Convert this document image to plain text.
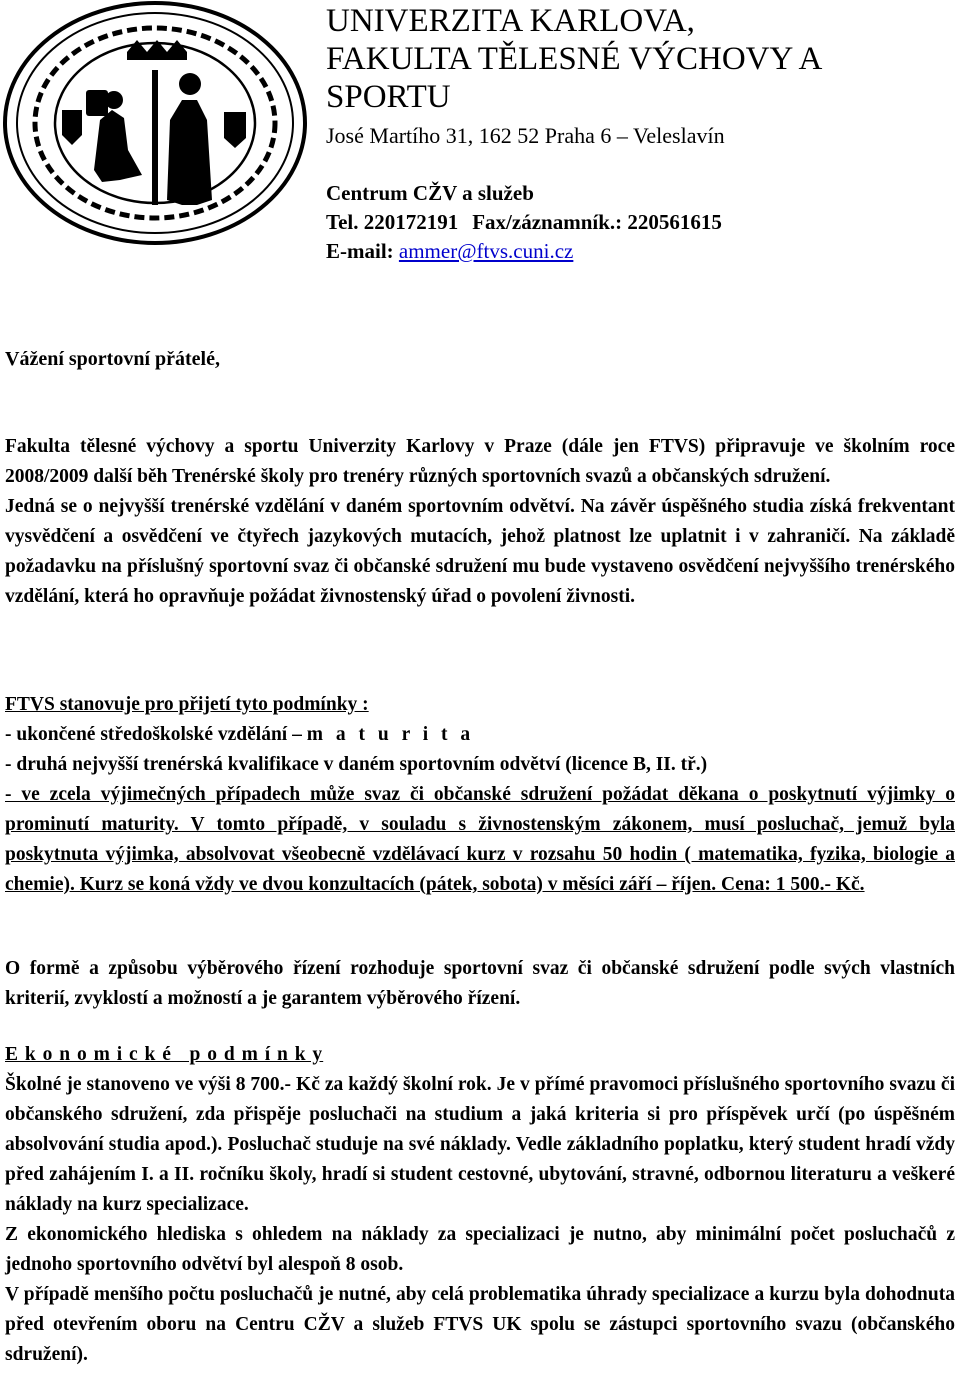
UNIVERZITA KARLOVA,
FAKULTA TĚLESNÉ VÝCHOVY A
SPORTU
José Martího 31, 162 52 Praha 6 – Veleslavín
Centrum CŽV a služeb
Tel. 220172191 Fax/záznamník.: 220561615
E-mail: ammer@ftvs.cuni.cz
Vážení sportovní přátelé,

Fakulta tělesné výchovy a sportu Univerzity Karlovy v Praze (dále jen FTVS) připravuje ve školním roce 2008/2009 další běh Trenérské školy pro trenéry různých sportovních svazů a občanských sdružení.

Jedná se o nejvyšší trenérské vzdělání v daném sportovním odvětví. Na závěr úspěšného studia získá frekventant vysvědčení a osvědčení ve čtyřech jazykových mutacích, jehož platnost lze uplatnit i v zahraničí. Na základě požadavku na příslušný sportovní svaz či občanské sdružení mu bude vystaveno osvědčení nejvyššího trenérského vzdělání, která ho opravňuje požádat živnostenský úřad o povolení živnosti.

FTVS stanovuje pro přijetí tyto podmínky :

- ukončené středoškolské vzdělání – m a t u r i t a

- druhá nejvyšší trenérská kvalifikace v daném sportovním odvětví (licence B, II. tř.)

- ve zcela výjimečných případech může svaz či občanské sdružení požádat děkana o poskytnutí výjimky o prominutí maturity. V tomto případě, v souladu s živnostenským zákonem, musí posluchač, jemuž byla poskytnuta výjimka, absolvovat všeobecně vzdělávací kurz v rozsahu 50 hodin ( matematika, fyzika, biologie a chemie). Kurz se koná vždy ve dvou konzultacích (pátek, sobota) v měsíci září – říjen. Cena: 1 500.- Kč.

O formě a způsobu výběrového řízení rozhoduje sportovní svaz či občanské sdružení podle svých vlastních kriterií, zvyklostí a možností a je garantem výběrového řízení.

E k o n o m i c k é   p o d m í n k y

Školné je stanoveno ve výši 8 700.- Kč za každý školní rok. Je v přímé pravomoci příslušného sportovního svazu či občanského sdružení, zda přispěje posluchači na studium a jaká kriteria si pro příspěvek určí (po úspěšném absolvování studia apod.). Posluchač studuje na své náklady. Vedle základního poplatku, který student hradí vždy před zahájením I. a II. ročníku školy, hradí si student cestovné, ubytování, stravné, odbornou literaturu a veškeré náklady na kurz specializace.

Z ekonomického hlediska s ohledem na náklady za specializaci je nutno, aby minimální počet posluchačů z jednoho sportovního odvětví byl alespoň 8 osob.

V případě menšího počtu posluchačů je nutné, aby celá problematika úhrady specializace a kurzu byla dohodnuta před otevřením oboru na Centru CŽV a služeb FTVS UK spolu se zástupci sportovního svazu (občanského sdružení).
